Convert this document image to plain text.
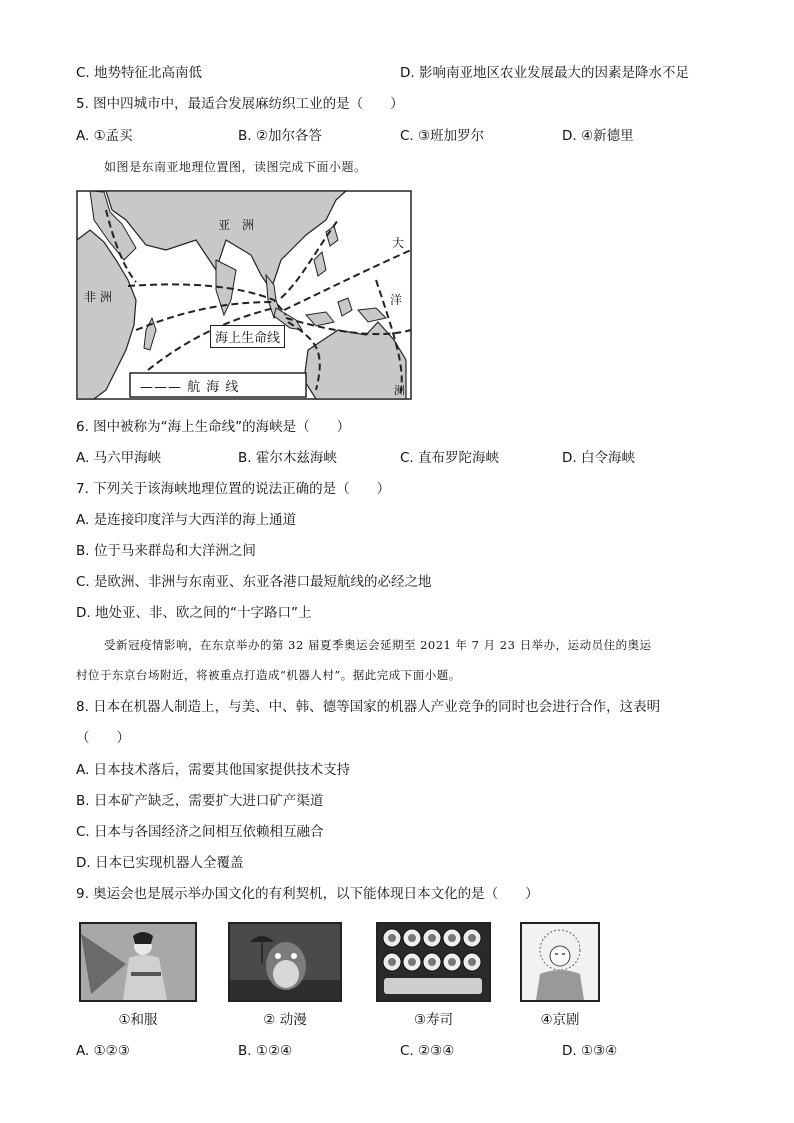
C. 地势特征北高南低	D. 影响南亚地区农业发展最大的因素是降水不足
5. 图中四城市中，最适合发展麻纺织工业的是（　　）
A. ①孟买	B. ②加尔各答	C. ③班加罗尔	D. ④新德里
如图是东南亚地理位置图，读图完成下面小题。
亚　洲
非 洲
大
洋
洲
海上生命线
——— 航 海 线
6. 图中被称为“海上生命线”的海峡是（　　）
A. 马六甲海峡	B. 霍尔木兹海峡	C. 直布罗陀海峡	D. 白令海峡
7. 下列关于该海峡地理位置的说法正确的是（　　）
A. 是连接印度洋与大西洋的海上通道
B. 位于马来群岛和大洋洲之间
C. 是欧洲、非洲与东南亚、东亚各港口最短航线的必经之地
D. 地处亚、非、欧之间的“十字路口”上
受新冠疫情影响，在东京举办的第 32 届夏季奥运会延期至 2021 年 7 月 23 日举办，运动员住的奥运
村位于东京台场附近，将被重点打造成“机器人村”。据此完成下面小题。
8. 日本在机器人制造上，与美、中、韩、德等国家的机器人产业竞争的同时也会进行合作，这表明
（　　）
A. 日本技术落后，需要其他国家提供技术支持
B. 日本矿产缺乏，需要扩大进口矿产渠道
C. 日本与各国经济之间相互依赖相互融合
D. 日本已实现机器人全覆盖
9. 奥运会也是展示举办国文化的有利契机，以下能体现日本文化的是（　　）
①和服	② 动漫	③寿司	④京剧
A. ①②③	B. ①②④	C. ②③④	D. ①③④
